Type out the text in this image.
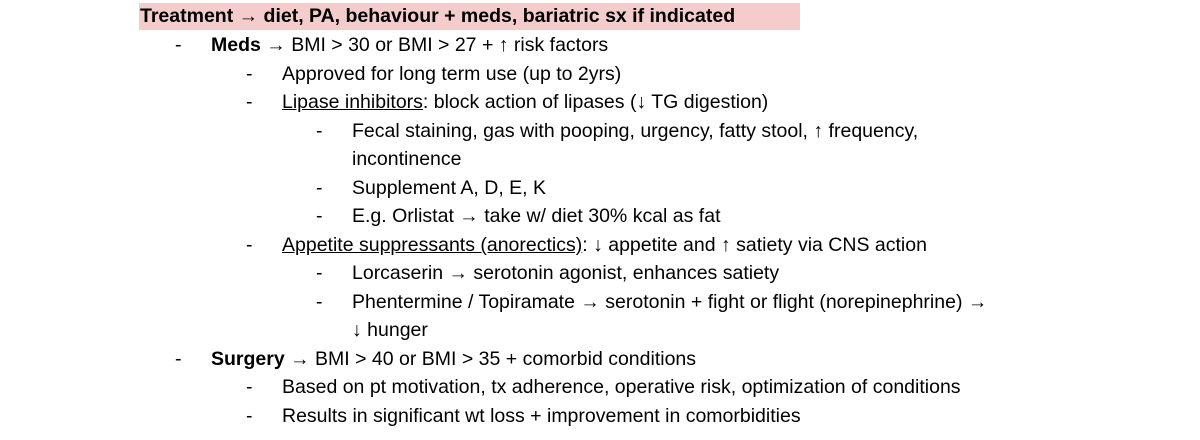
Treatment → diet, PA, behaviour + meds, bariatric sx if indicated
- Meds → BMI > 30 or BMI > 27 + ↑ risk factors
- Approved for long term use (up to 2yrs)
- Lipase inhibitors: block action of lipases (↓ TG digestion)
- Fecal staining, gas with pooping, urgency, fatty stool, ↑ frequency,
incontinence
- Supplement A, D, E, K
- E.g. Orlistat → take w/ diet 30% kcal as fat
- Appetite suppressants (anorectics): ↓ appetite and ↑ satiety via CNS action
- Lorcaserin → serotonin agonist, enhances satiety
- Phentermine / Topiramate → serotonin + fight or flight (norepinephrine) →
↓ hunger
- Surgery → BMI > 40 or BMI > 35 + comorbid conditions
- Based on pt motivation, tx adherence, operative risk, optimization of conditions
- Results in significant wt loss + improvement in comorbidities
